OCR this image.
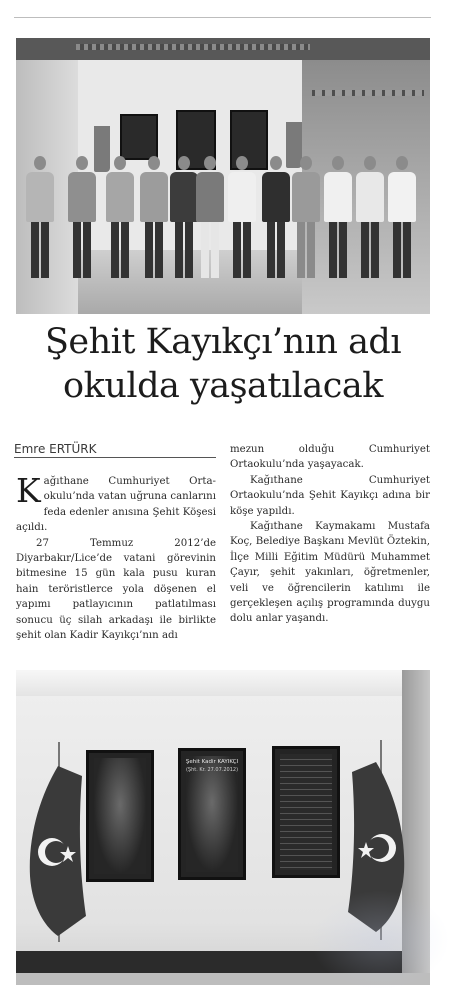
Şehit Kayıkçı’nın adı
okulda yaşatılacak
Emre ERTÜRK

Kağıthane Cumhuriyet Orta-okulu’nda vatan uğruna canlarını feda edenler anısına Şehit Köşesi açıldı.

27 Temmuz 2012’de Diyarbakır/Lice’de vatani görevinin bitmesine 15 gün kala pusu kuran hain teröristlerce yola döşenen el yapımı patlayıcının patlatılması sonucu üç silah arkadaşı ile birlikte şehit olan Kadir Kayıkçı’nın adı

mezun olduğu Cumhuriyet Ortaokulu’nda yaşayacak.

Kağıthane Cumhuriyet Ortaokulu’nda Şehit Kayıkçı adına bir köşe yapıldı.

Kağıthane Kaymakamı Mustafa Koç, Belediye Başkanı Mevlüt Öztekin, İlçe Milli Eğitim Müdürü Muhammet Çayır, şehit yakınları, öğretmenler, veli ve öğrencilerin katılımı ile gerçekleşen açılış programında duygu dolu anlar yaşandı.

Şehit Kadir KAYIKÇI
(Şht. Kr. 27.07.2012)
